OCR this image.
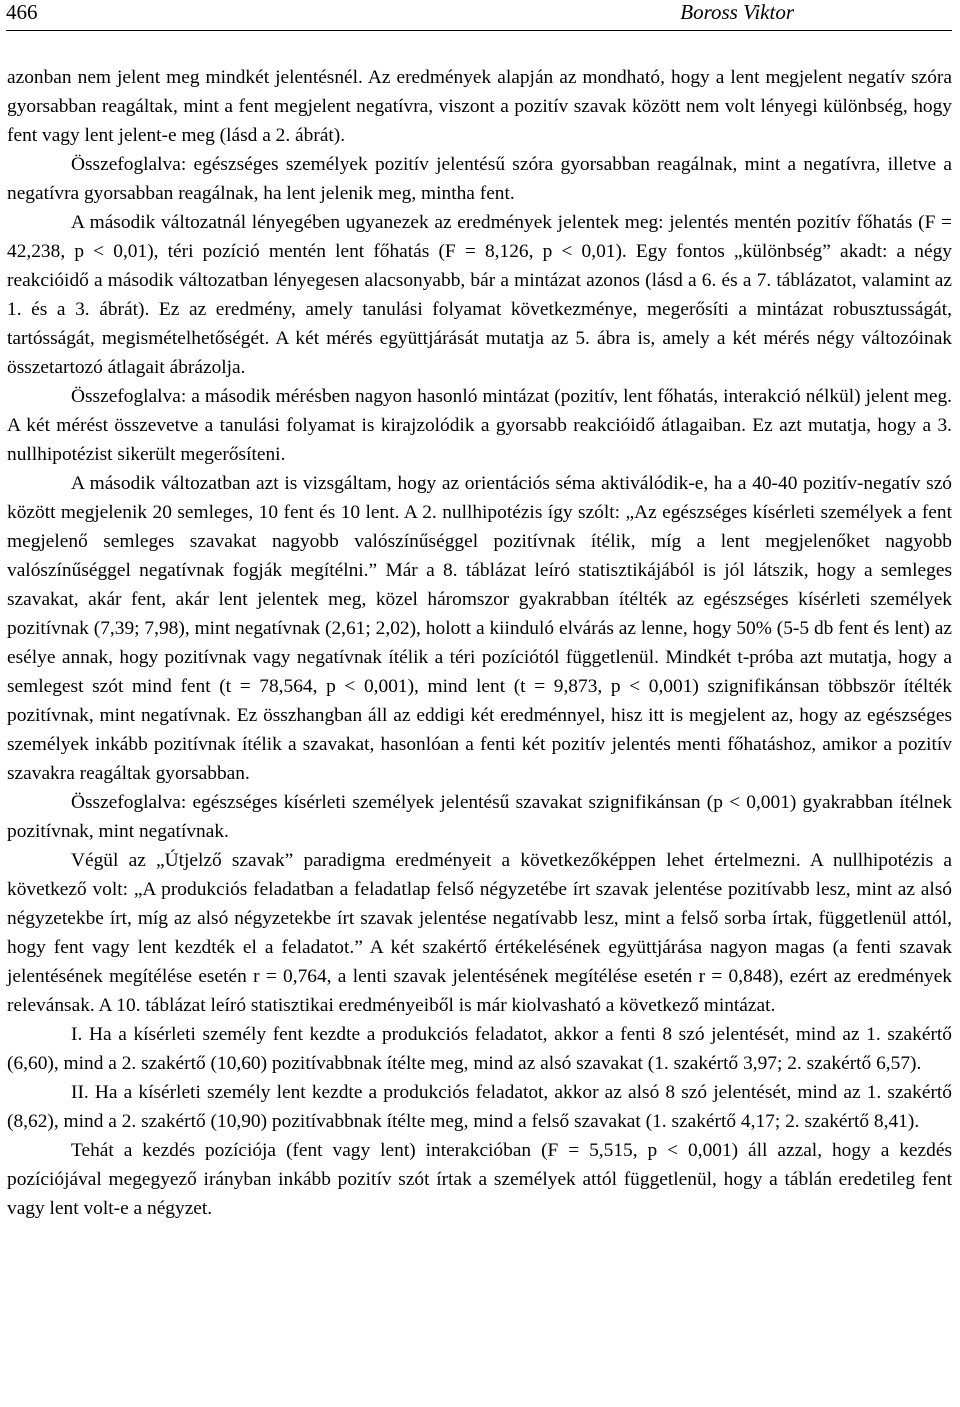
466	Boross Viktor

azonban nem jelent meg mindkét jelentésnél. Az eredmények alapján az mondható, hogy a lent megjelent negatív szóra gyorsabban reagáltak, mint a fent megjelent negatívra, viszont a pozitív szavak között nem volt lényegi különbség, hogy fent vagy lent jelent-e meg (lásd a 2. ábrát).

Összefoglalva: egészséges személyek pozitív jelentésű szóra gyorsabban reagálnak, mint a negatívra, illetve a negatívra gyorsabban reagálnak, ha lent jelenik meg, mintha fent.

A második változatnál lényegében ugyanezek az eredmények jelentek meg: jelentés mentén pozitív főhatás (F = 42,238, p < 0,01), téri pozíció mentén lent főhatás (F = 8,126, p < 0,01). Egy fontos „különbség” akadt: a négy reakcióidő a második változatban lényegesen alacsonyabb, bár a mintázat azonos (lásd a 6. és a 7. táblázatot, valamint az 1. és a 3. ábrát). Ez az eredmény, amely tanulási folyamat következménye, megerősíti a mintázat robusztusságát, tartósságát, megismételhetőségét. A két mérés együttjárását mutatja az 5. ábra is, amely a két mérés négy változóinak összetartozó átlagait ábrázolja.

Összefoglalva: a második mérésben nagyon hasonló mintázat (pozitív, lent főhatás, interakció nélkül) jelent meg. A két mérést összevetve a tanulási folyamat is kirajzolódik a gyorsabb reakcióidő átlagaiban. Ez azt mutatja, hogy a 3. nullhipotézist sikerült megerősíteni.

A második változatban azt is vizsgáltam, hogy az orientációs séma aktiválódik-e, ha a 40-40 pozitív-negatív szó között megjelenik 20 semleges, 10 fent és 10 lent. A 2. nullhipotézis így szólt: „Az egészséges kísérleti személyek a fent megjelenő semleges szavakat nagyobb valószínűséggel pozitívnak ítélik, míg a lent megjelenőket nagyobb valószínűséggel negatívnak fogják megítélni.” Már a 8. táblázat leíró statisztikájából is jól látszik, hogy a semleges szavakat, akár fent, akár lent jelentek meg, közel háromszor gyakrabban ítélték az egészséges kísérleti személyek pozitívnak (7,39; 7,98), mint negatívnak (2,61; 2,02), holott a kiinduló elvárás az lenne, hogy 50% (5-5 db fent és lent) az esélye annak, hogy pozitívnak vagy negatívnak ítélik a téri pozíciótól függetlenül. Mindkét t-próba azt mutatja, hogy a semlegest szót mind fent (t = 78,564, p < 0,001), mind lent (t = 9,873, p < 0,001) szignifikánsan többször ítélték pozitívnak, mint negatívnak. Ez összhangban áll az eddigi két eredménnyel, hisz itt is megjelent az, hogy az egészséges személyek inkább pozitívnak ítélik a szavakat, hasonlóan a fenti két pozitív jelentés menti főhatáshoz, amikor a pozitív szavakra reagáltak gyorsabban.

Összefoglalva: egészséges kísérleti személyek jelentésű szavakat szignifikánsan (p < 0,001) gyakrabban ítélnek pozitívnak, mint negatívnak.

Végül az „Útjelző szavak” paradigma eredményeit a következőképpen lehet értelmezni. A nullhipotézis a következő volt: „A produkciós feladatban a feladatlap felső négyzetébe írt szavak jelentése pozitívabb lesz, mint az alsó négyzetekbe írt, míg az alsó négyzetekbe írt szavak jelentése negatívabb lesz, mint a felső sorba írtak, függetlenül attól, hogy fent vagy lent kezdték el a feladatot.” A két szakértő értékelésének együttjárása nagyon magas (a fenti szavak jelentésének megítélése esetén r = 0,764, a lenti szavak jelentésének megítélése esetén r = 0,848), ezért az eredmények relevánsak. A 10. táblázat leíró statisztikai eredményeiből is már kiolvasható a következő mintázat.

I. Ha a kísérleti személy fent kezdte a produkciós feladatot, akkor a fenti 8 szó jelentését, mind az 1. szakértő (6,60), mind a 2. szakértő (10,60) pozitívabbnak ítélte meg, mind az alsó szavakat (1. szakértő 3,97; 2. szakértő 6,57).

II. Ha a kísérleti személy lent kezdte a produkciós feladatot, akkor az alsó 8 szó jelentését, mind az 1. szakértő (8,62), mind a 2. szakértő (10,90) pozitívabbnak ítélte meg, mind a felső szavakat (1. szakértő 4,17; 2. szakértő 8,41).

Tehát a kezdés pozíciója (fent vagy lent) interakcióban (F = 5,515, p < 0,001) áll azzal, hogy a kezdés pozíciójával megegyező irányban inkább pozitív szót írtak a személyek attól függetlenül, hogy a táblán eredetileg fent vagy lent volt-e a négyzet.
